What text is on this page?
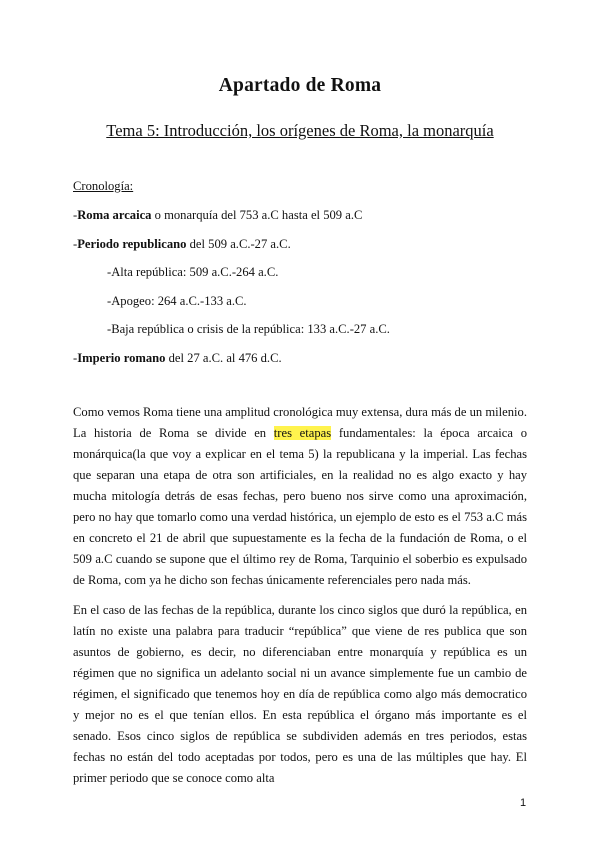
Apartado de Roma
Tema 5: Introducción, los orígenes de Roma, la monarquía
Cronología:
-Roma arcaica o monarquía del 753 a.C hasta el 509 a.C
-Periodo republicano del 509 a.C.-27 a.C.
-Alta república: 509 a.C.-264 a.C.
-Apogeo: 264 a.C.-133 a.C.
-Baja república o crisis de la república: 133 a.C.-27 a.C.
-Imperio romano del 27 a.C. al 476 d.C.

Como vemos Roma tiene una amplitud cronológica muy extensa, dura más de un milenio. La historia de Roma se divide en tres etapas fundamentales: la época arcaica o monárquica(la que voy a explicar en el tema 5) la republicana y la imperial. Las fechas que separan una etapa de otra son artificiales, en la realidad no es algo exacto y hay mucha mitología detrás de esas fechas, pero bueno nos sirve como una aproximación, pero no hay que tomarlo como una verdad histórica, un ejemplo de esto es el 753 a.C más en concreto el 21 de abril que supuestamente es la fecha de la fundación de Roma, o el 509 a.C cuando se supone que el último rey de Roma, Tarquinio el soberbio es expulsado de Roma, com ya he dicho son fechas únicamente referenciales pero nada más.

En el caso de las fechas de la república, durante los cinco siglos que duró la república, en latín no existe una palabra para traducir “república” que viene de res publica que son asuntos de gobierno, es decir, no diferenciaban entre monarquía y república es un régimen que no significa un adelanto social ni un avance simplemente fue un cambio de régimen, el significado que tenemos hoy en día de república como algo más democratico y mejor no es el que tenían ellos. En esta república el órgano más importante es el senado. Esos cinco siglos de república se subdividen además en tres periodos, estas fechas no están del todo aceptadas por todos, pero es una de las múltiples que hay. El primer periodo que se conoce como alta

1
